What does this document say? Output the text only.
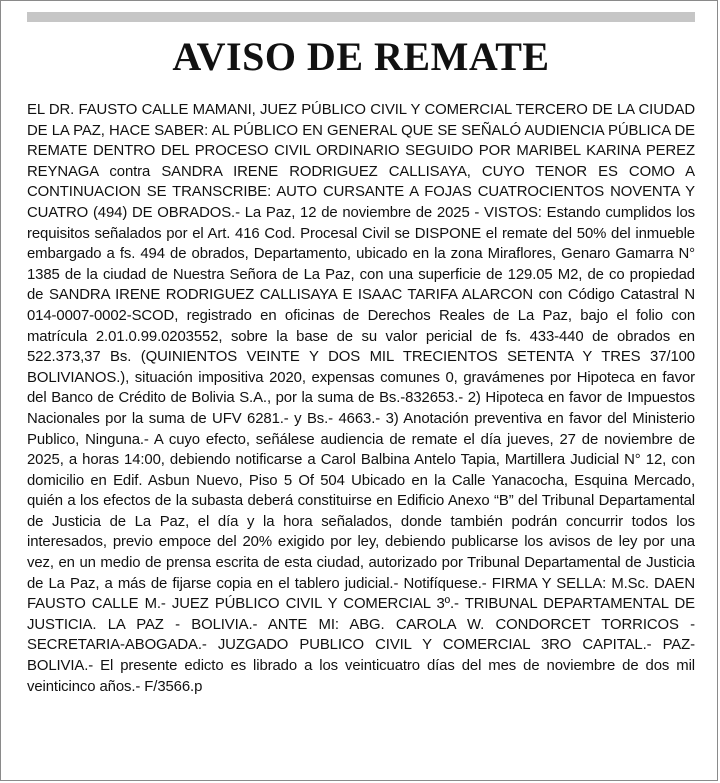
AVISO DE REMATE

EL DR. FAUSTO CALLE MAMANI, JUEZ PÚBLICO CIVIL Y COMERCIAL TERCERO DE LA CIUDAD DE LA PAZ, HACE SABER: AL PÚBLICO EN GENERAL QUE SE SEÑALÓ AUDIENCIA PÚBLICA DE REMATE DENTRO DEL PROCESO CIVIL ORDINARIO SEGUIDO POR MARIBEL KARINA PEREZ REYNAGA contra SANDRA IRENE RODRIGUEZ CALLISAYA, CUYO TENOR ES COMO A CONTINUACION SE TRANSCRIBE: AUTO CURSANTE A FOJAS CUATROCIENTOS NOVENTA Y CUATRO (494) DE OBRADOS.- La Paz, 12 de noviembre de 2025 - VISTOS: Estando cumplidos los requisitos señalados por el Art. 416 Cod. Procesal Civil se DISPONE el remate del 50% del inmueble embargado a fs. 494 de obrados, Departamento, ubicado en la zona Miraflores, Genaro Gamarra N° 1385 de la ciudad de Nuestra Señora de La Paz, con una superficie de 129.05 M2, de co propiedad de SANDRA IRENE RODRIGUEZ CALLISAYA E ISAAC TARIFA ALARCON con Código Catastral N 014-0007-0002-SCOD, registrado en oficinas de Derechos Reales de La Paz, bajo el folio con matrícula 2.01.0.99.0203552, sobre la base de su valor pericial de fs. 433-440 de obrados en 522.373,37 Bs. (QUINIENTOS VEINTE Y DOS MIL TRECIENTOS SETENTA Y TRES 37/100 BOLIVIANOS.), situación impositiva 2020, expensas comunes 0, gravámenes por Hipoteca en favor del Banco de Crédito de Bolivia S.A., por la suma de Bs.-832653.- 2) Hipoteca en favor de Impuestos Nacionales por la suma de UFV 6281.- y Bs.- 4663.- 3) Anotación preventiva en favor del Ministerio Publico, Ninguna.- A cuyo efecto, señálese audiencia de remate el día jueves, 27 de noviembre de 2025, a horas 14:00, debiendo notificarse a Carol Balbina Antelo Tapia, Martillera Judicial N° 12, con domicilio en Edif. Asbun Nuevo, Piso 5 Of 504 Ubicado en la Calle Yanacocha, Esquina Mercado, quién a los efectos de la subasta deberá constituirse en Edificio Anexo “B” del Tribunal Departamental de Justicia de La Paz, el día y la hora señalados, donde también podrán concurrir todos los interesados, previo empoce del 20% exigido por ley, debiendo publicarse los avisos de ley por una vez, en un medio de prensa escrita de esta ciudad, autorizado por Tribunal Departamental de Justicia de La Paz, a más de fijarse copia en el tablero judicial.- Notifíquese.- FIRMA Y SELLA: M.Sc. DAEN FAUSTO CALLE M.- JUEZ PÚBLICO CIVIL Y COMERCIAL 3º.- TRIBUNAL DEPARTAMENTAL DE JUSTICIA. LA PAZ - BOLIVIA.- ANTE MI: ABG. CAROLA W. CONDORCET TORRICOS - SECRETARIA-ABOGADA.- JUZGADO PUBLICO CIVIL Y COMERCIAL 3RO CAPITAL.- PAZ-BOLIVIA.- El presente edicto es librado a los veinticuatro días del mes de noviembre de dos mil veinticinco años.- F/3566.p
